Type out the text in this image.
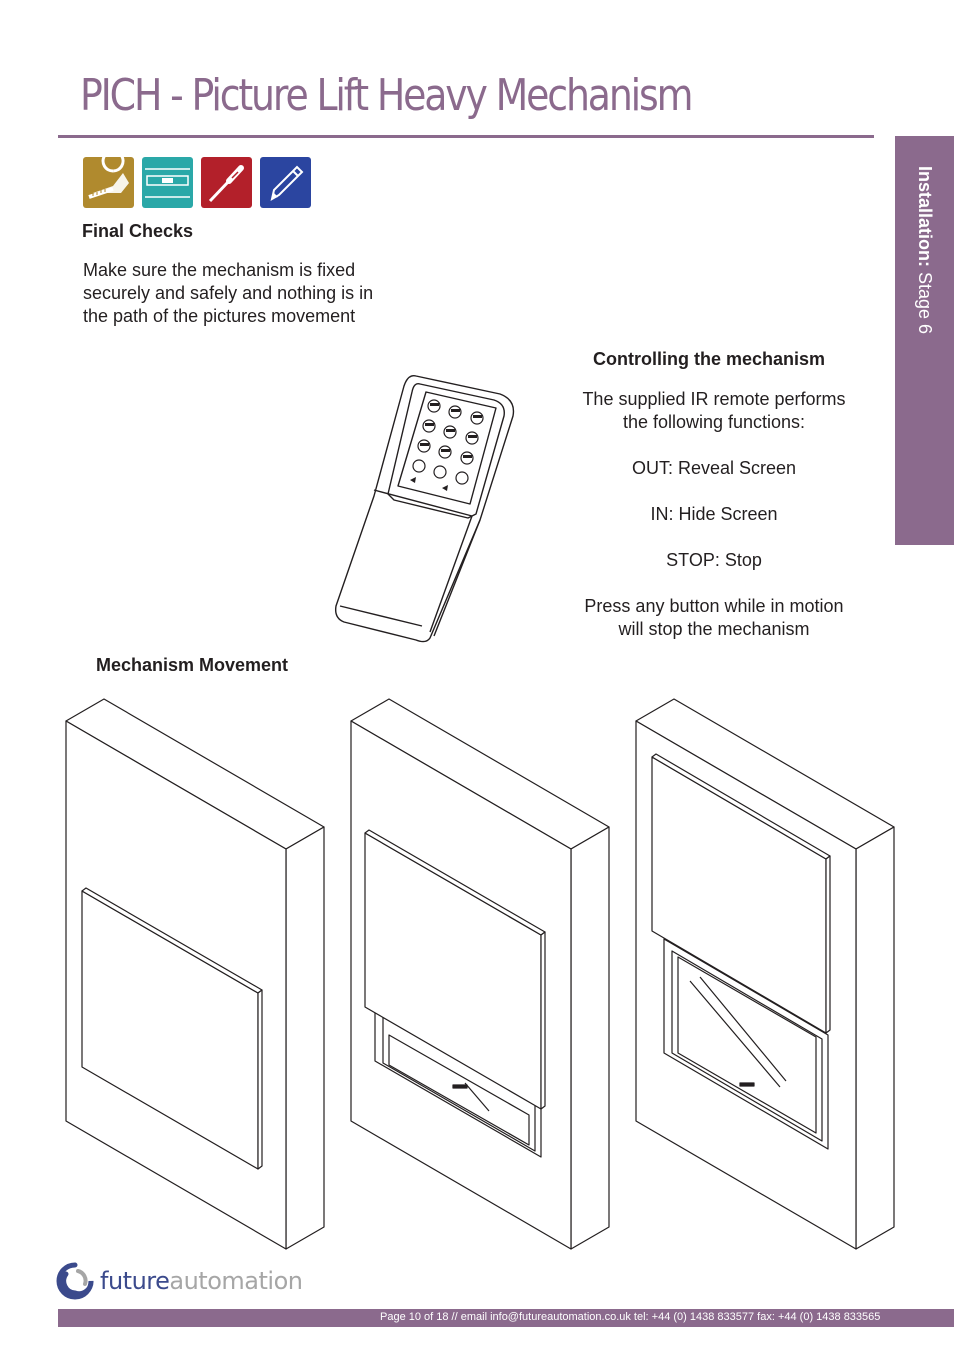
PICH - Picture Lift Heavy Mechanism
Installation: Stage 6
Final Checks
Make sure the mechanism is fixed
securely and safely and nothing is in
the path of the pictures movement
Controlling the mechanism
The supplied IR remote performs
the following functions:
OUT: Reveal Screen
IN: Hide Screen
STOP: Stop
Press any button while in motion
will stop the mechanism
Mechanism Movement
futureautomation
Page 10 of 18 // email info@futureautomation.co.uk tel: +44 (0) 1438 833577 fax: +44 (0) 1438 833565
